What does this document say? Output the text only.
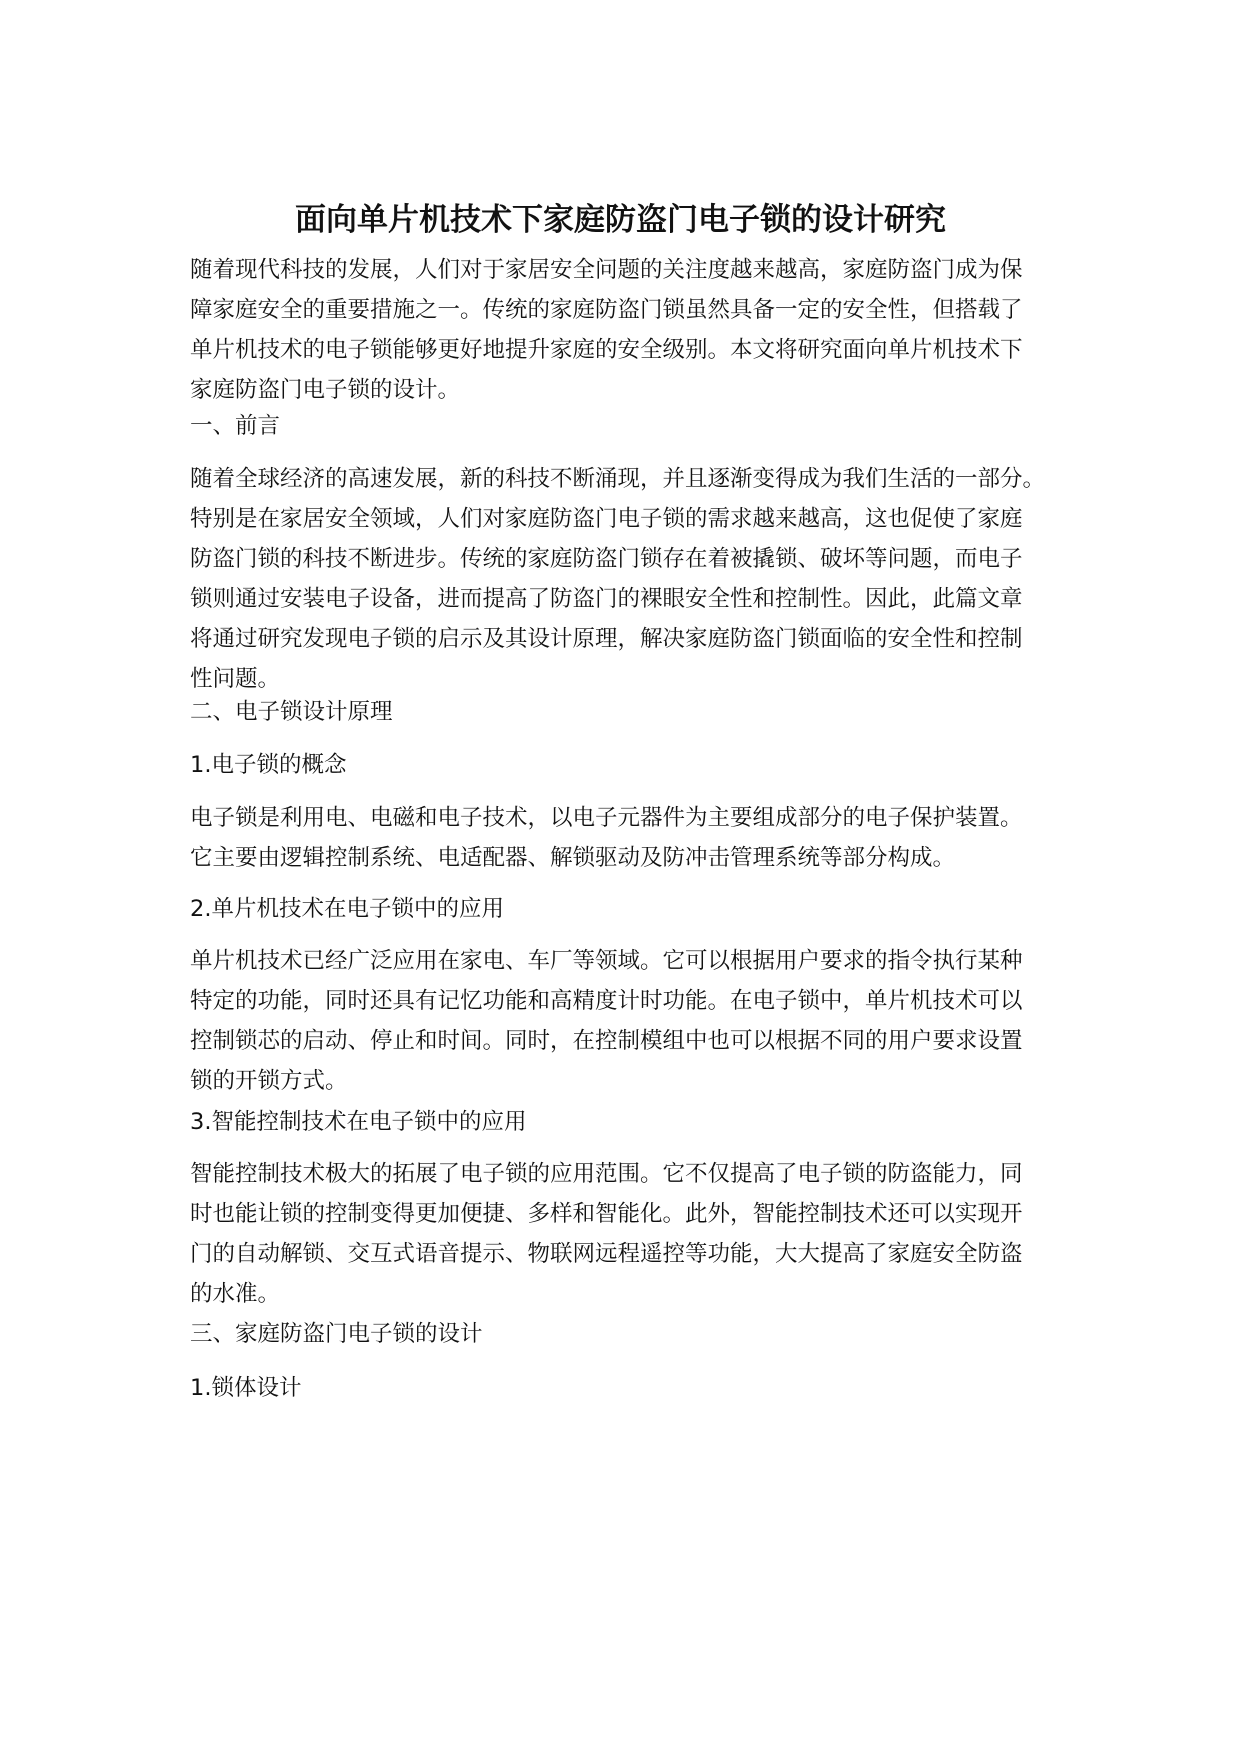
面向单片机技术下家庭防盗门电子锁的设计研究

随着现代科技的发展，人们对于家居安全问题的关注度越来越高，家庭防盗门成为保
障家庭安全的重要措施之一。传统的家庭防盗门锁虽然具备一定的安全性，但搭载了
单片机技术的电子锁能够更好地提升家庭的安全级别。本文将研究面向单片机技术下
家庭防盗门电子锁的设计。

一、前言

随着全球经济的高速发展，新的科技不断涌现，并且逐渐变得成为我们生活的一部分。
特别是在家居安全领域，人们对家庭防盗门电子锁的需求越来越高，这也促使了家庭
防盗门锁的科技不断进步。传统的家庭防盗门锁存在着被撬锁、破坏等问题，而电子
锁则通过安装电子设备，进而提高了防盗门的裸眼安全性和控制性。因此，此篇文章
将通过研究发现电子锁的启示及其设计原理，解决家庭防盗门锁面临的安全性和控制
性问题。

二、电子锁设计原理
1.电子锁的概念

电子锁是利用电、电磁和电子技术，以电子元器件为主要组成部分的电子保护装置。
它主要由逻辑控制系统、电适配器、解锁驱动及防冲击管理系统等部分构成。

2.单片机技术在电子锁中的应用

单片机技术已经广泛应用在家电、车厂等领域。它可以根据用户要求的指令执行某种
特定的功能，同时还具有记忆功能和高精度计时功能。在电子锁中，单片机技术可以
控制锁芯的启动、停止和时间。同时，在控制模组中也可以根据不同的用户要求设置
锁的开锁方式。

3.智能控制技术在电子锁中的应用

智能控制技术极大的拓展了电子锁的应用范围。它不仅提高了电子锁的防盗能力，同
时也能让锁的控制变得更加便捷、多样和智能化。此外，智能控制技术还可以实现开
门的自动解锁、交互式语音提示、物联网远程遥控等功能，大大提高了家庭安全防盗
的水准。

三、家庭防盗门电子锁的设计
1.锁体设计
